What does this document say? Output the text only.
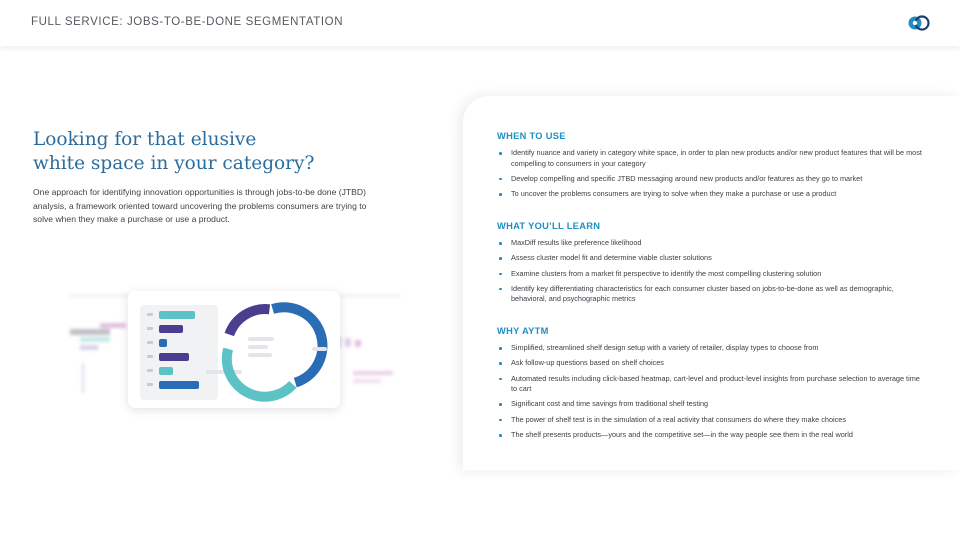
FULL SERVICE: JOBS-TO-BE-DONE SEGMENTATION
Looking for that elusive
white space in your category?

One approach for identifying innovation opportunities is through jobs-to-be done (JTBD) analysis, a framework oriented toward uncovering the problems consumers are trying to solve when they make a purchase or use a product.

WHEN TO USE
Identify nuance and variety in category white space, in order to plan new products and/or new product features that will be most compelling to consumers in your category
Develop compelling and specific JTBD messaging around new products and/or features as they go to market
To uncover the problems consumers are trying to solve when they make a purchase or use a product
WHAT YOU’LL LEARN
MaxDiff results like preference likelihood
Assess cluster model fit and determine viable cluster solutions
Examine clusters from a market fit perspective to identify the most compelling clustering solution
Identify key differentiating characteristics for each consumer cluster based on jobs-to-be-done as well as demographic, behavioral, and psychographic metrics
WHY AYTM
Simplified, streamlined shelf design setup with a variety of retailer, display types to choose from
Ask follow-up questions based on shelf choices
Automated results including click-based heatmap, cart-level and product-level insights from purchase selection to average time to cart
Significant cost and time savings from traditional shelf testing
The power of shelf test is in the simulation of a real activity that consumers do where they make choices
The shelf presents products—yours and the competitive set—in the way people see them in the real world
